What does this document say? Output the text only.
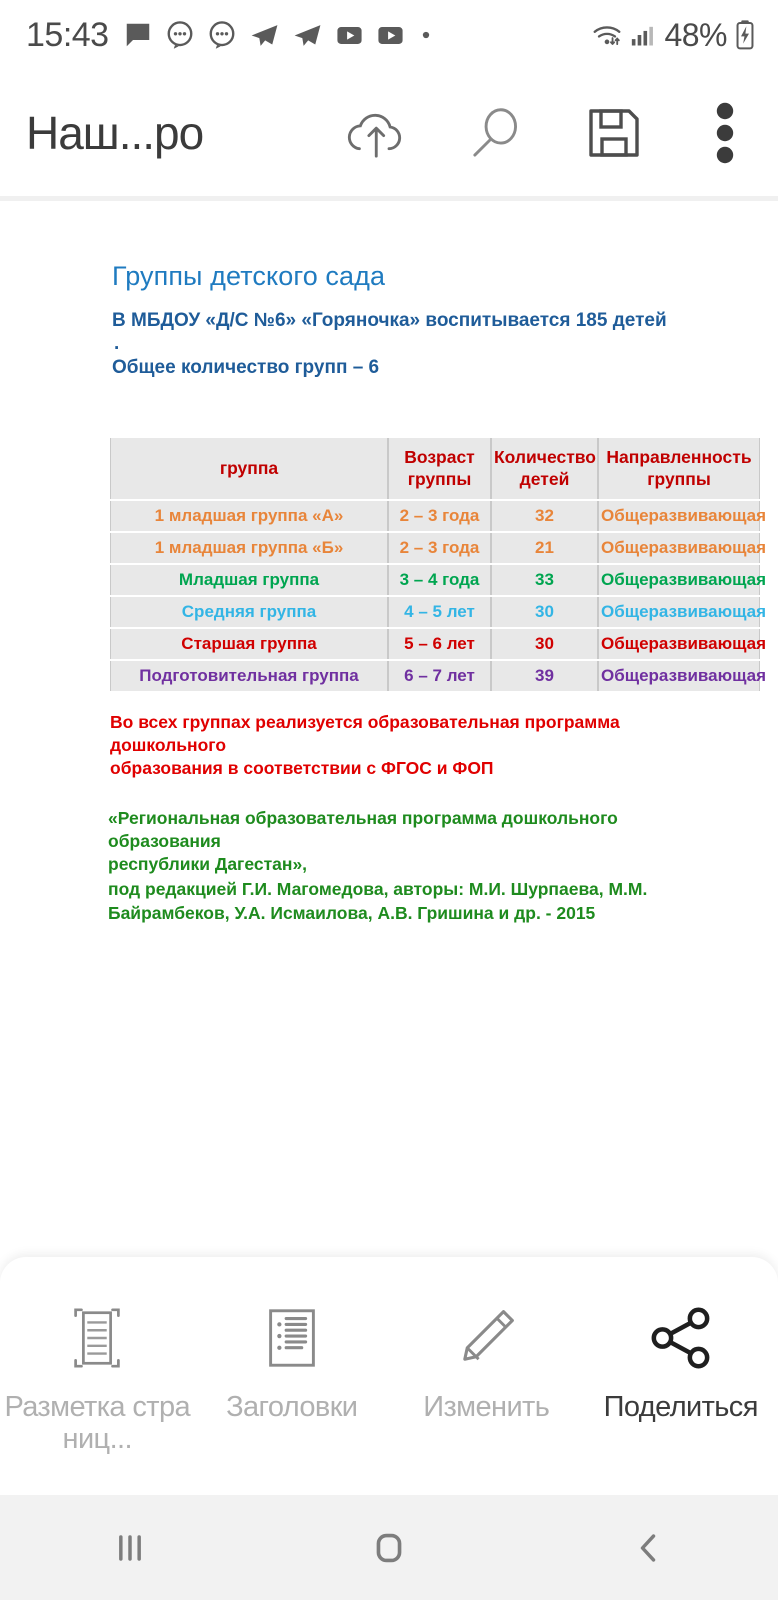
15:43	48%
Наш...ро
Группы детского сада
В МБДОУ «Д/С №6» «Горяночка» воспитывается 185 детей
.
Общее количество групп – 6
группа	Возраст группы	Количество детей	Направленность группы
1 младшая группа «А»	2 – 3 года	32	Общеразвивающая
1 младшая группа «Б»	2 – 3 года	21	Общеразвивающая
Младшая группа	3 – 4 года	33	Общеразвивающая
Средняя группа	4 – 5 лет	30	Общеразвивающая
Старшая группа	5 – 6 лет	30	Общеразвивающая
Подготовительная группа	6 – 7 лет	39	Общеразвивающая
Во всех группах реализуется образовательная программа дошкольного
образования в соответствии с ФГОС и ФОП
«Региональная образовательная программа дошкольного образования
республики Дагестан»,
под редакцией Г.И. Магомедова, авторы: М.И. Шурпаева, М.М.
Байрамбеков, У.А. Исмаилова, А.В. Гришина и др. - 2015
Разметка страниц...
Заголовки	Изменить	Поделиться
